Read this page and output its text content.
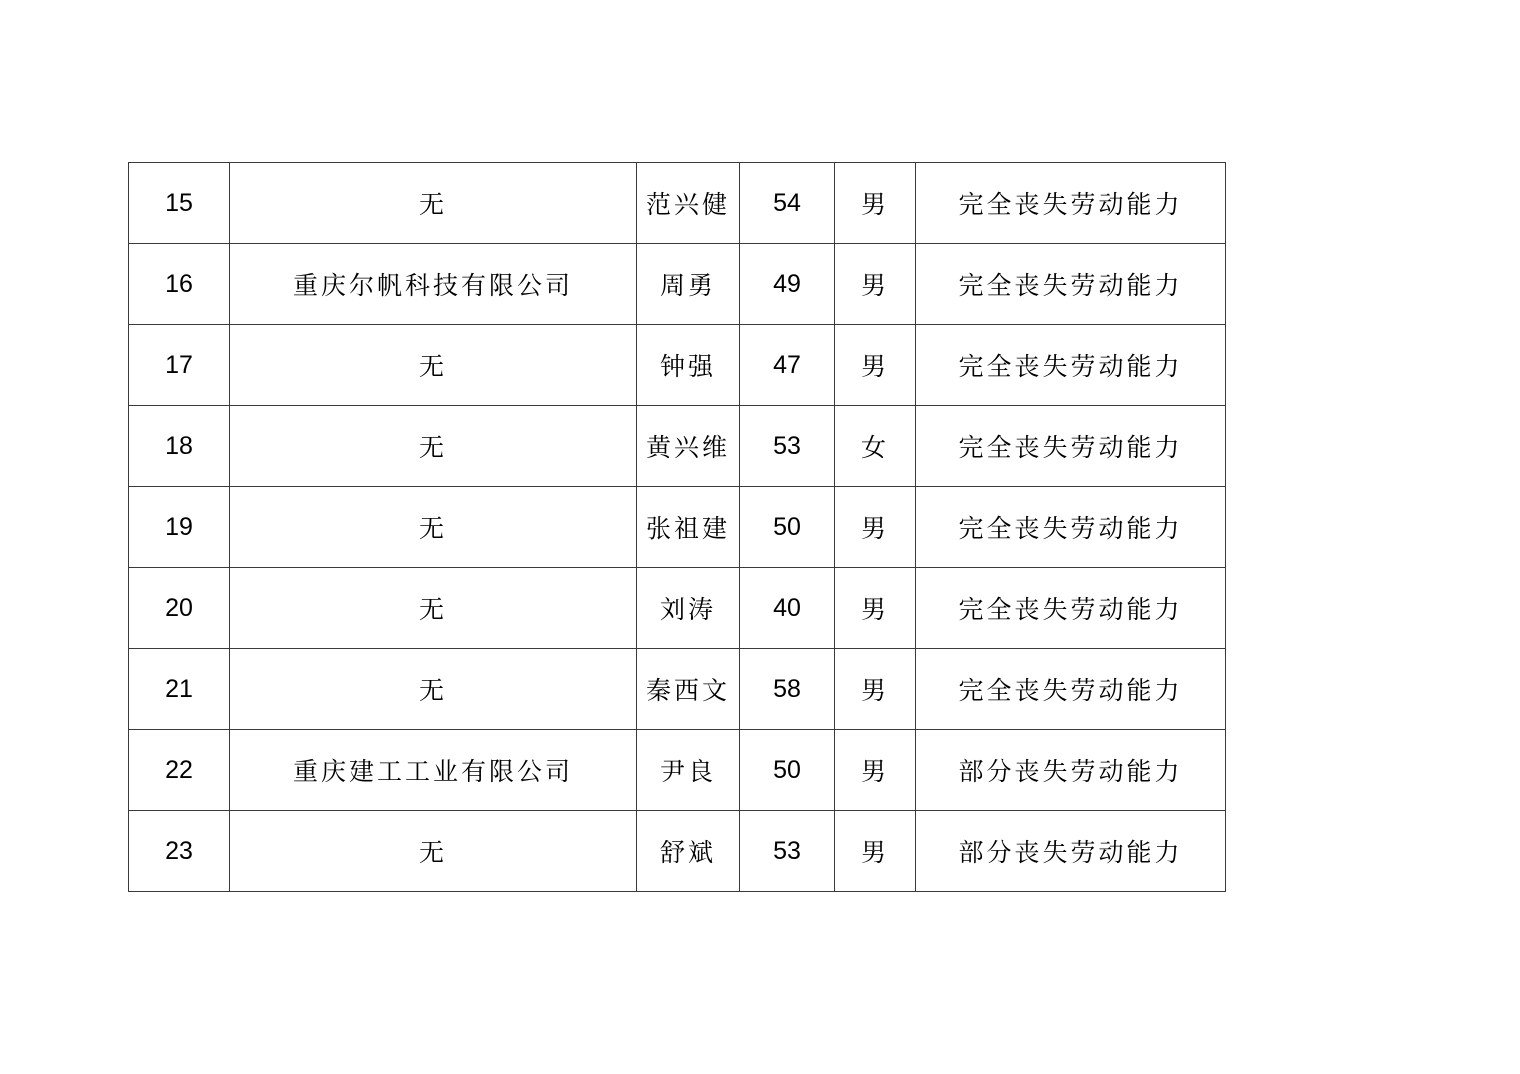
15	无	范兴健	54	男	完全丧失劳动能力
16	重庆尔帆科技有限公司	周勇	49	男	完全丧失劳动能力
17	无	钟强	47	男	完全丧失劳动能力
18	无	黄兴维	53	女	完全丧失劳动能力
19	无	张祖建	50	男	完全丧失劳动能力
20	无	刘涛	40	男	完全丧失劳动能力
21	无	秦西文	58	男	完全丧失劳动能力
22	重庆建工工业有限公司	尹良	50	男	部分丧失劳动能力
23	无	舒斌	53	男	部分丧失劳动能力
